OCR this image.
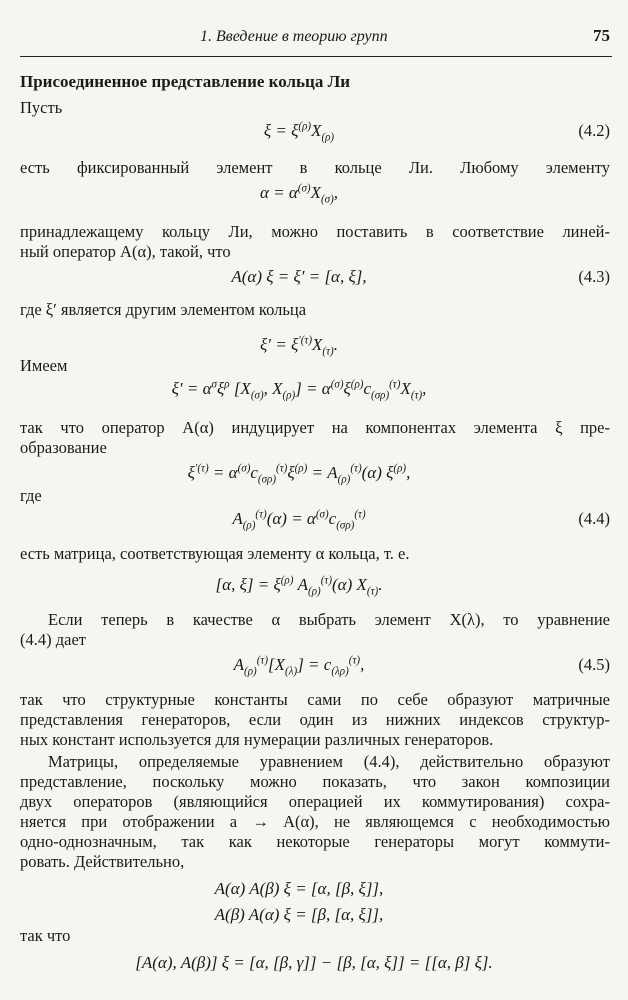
1. Введение в теорию групп	75
Присоединенное представление кольца Ли
Пусть
$\xi = \xi^{(\rho)}X_{(\rho)}$	(4.2)
есть фиксированный элемент в кольце Ли. Любому элементу
$\alpha = \alpha^{(\sigma)}X_{(\sigma)}$,
принадлежащему кольцу Ли, можно поставить в соответствие линей-
ный оператор A(α), такой, что
A(α) ξ = ξ′ = [α, ξ],	(4.3)
где ξ′ является другим элементом кольца
$\xi' = \xi^{'(\tau)}X_{(\tau)}$.
Имеем
$\xi' = \alpha^\sigma\xi^\rho$ [$X_{(\sigma)}$, $X_{(\rho)}] = \alpha^{(\sigma)}\xi^{(\rho)}c_{(\sigma\rho)}^{(\tau)}X_{(\tau)}$,
так что оператор A(α) индуцирует на компонентах элемента ξ пре-
образование
$\xi^{'(\tau)} = \alpha^{(\sigma)}c_{(\sigma\rho)}^{(\tau)}\xi^{(\rho)} = A_{(\rho)}^{(\tau)}(\alpha)$ $\xi^{(\rho)}$,
где
$A_{(\rho)}^{(\tau)}(\alpha) = \alpha^{(\sigma)}c_{(\sigma\rho)}^{(\tau)}$	(4.4)
есть матрица, соответствующая элементу α кольца, т. е.
[α, $\xi] = \xi^{(\rho)}$ $A_{(\rho)}^{(\tau)}(\alpha)$ $X_{(\tau)}$.
Если теперь в качестве α выбрать элемент X(λ), то уравнение
(4.4) дает
$A_{(\rho)}^{(\tau)}[X_{(\lambda)}] = c_{(\lambda\rho)}^{(\tau)}$,	(4.5)
так что структурные константы сами по себе образуют матричные
представления генераторов, если один из нижних индексов структур-
ных констант используется для нумерации различных генераторов.
Матрицы, определяемые уравнением (4.4), действительно образуют
представление, поскольку можно показать, что закон композиции
двух операторов (являющийся операцией их коммутирования) сохра-
няется при отображении a → A(α), не являющемся с необходимостью
одно-однозначным, так как некоторые генераторы могут коммути-
ровать. Действительно,
A(α) A(β) ξ = [α, [β, ξ]],
A(β) A(α) ξ = [β, [α, ξ]],
так что
[A(α), A(β)] ξ = [α, [β, γ]] − [β, [α, ξ]] = [[α, β] ξ].
